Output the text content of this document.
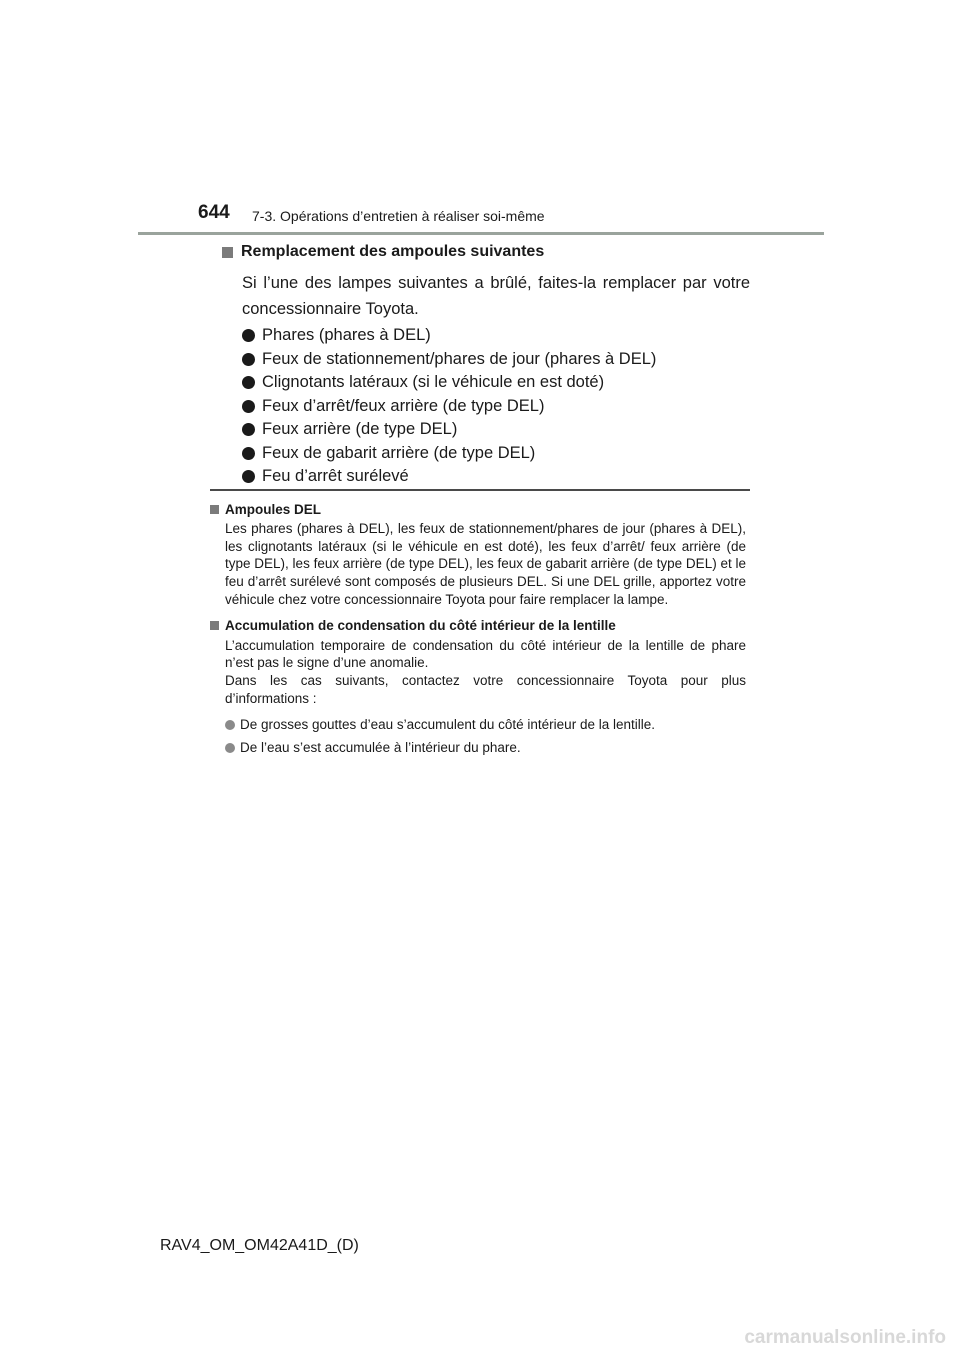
644 7-3. Opérations d’entretien à réaliser soi-même
Remplacement des ampoules suivantes

Si l’une des lampes suivantes a brûlé, faites-la remplacer par votre concessionnaire Toyota.

Phares (phares à DEL)
Feux de stationnement/phares de jour (phares à DEL)
Clignotants latéraux (si le véhicule en est doté)
Feux d’arrêt/feux arrière (de type DEL)
Feux arrière (de type DEL)
Feux de gabarit arrière (de type DEL)
Feu d’arrêt surélevé
Ampoules DEL

Les phares (phares à DEL), les feux de stationnement/phares de jour (phares à DEL), les clignotants latéraux (si le véhicule en est doté), les feux d’arrêt/ feux arrière (de type DEL), les feux arrière (de type DEL), les feux de gabarit arrière (de type DEL) et le feu d’arrêt surélevé sont composés de plusieurs DEL. Si une DEL grille, apportez votre véhicule chez votre concessionnaire Toyota pour faire remplacer la lampe.

Accumulation de condensation du côté intérieur de la lentille

L’accumulation temporaire de condensation du côté intérieur de la lentille de phare n’est pas le signe d’une anomalie.

Dans les cas suivants, contactez votre concessionnaire Toyota pour plus d’informations :

De grosses gouttes d’eau s’accumulent du côté intérieur de la lentille.
De l’eau s’est accumulée à l’intérieur du phare.
RAV4_OM_OM42A41D_(D)
carmanualsonline.info
